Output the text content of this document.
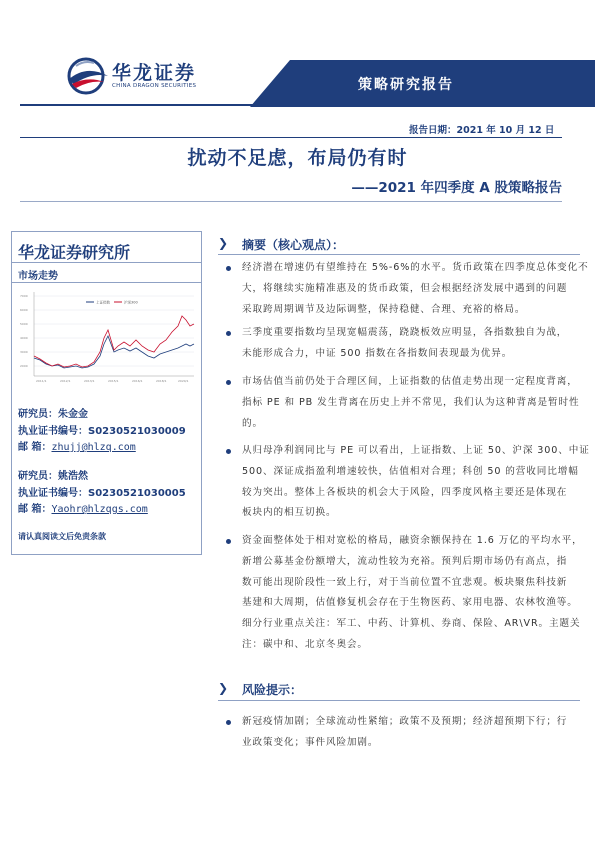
华龙证券
CHINA DRAGON SECURITIES	策略研究报告
报告日期：2021 年 10 月 12 日
扰动不足虑，布局仍有时
——2021 年四季度 A 股策略报告
华龙证券研究所
市场走势
7000
6000
5000
4000
3000
2000
2011/1	2012/1	2013/1	2015/1	2016/1	2018/1	2020/1
上证指数	沪深300
研究员：朱金金
执业证书编号：S0230521030009
邮 箱：zhujj@hlzq.com
研究员：姚浩然
执业证书编号：S0230521030005
邮 箱：Yaohr@hlzqgs.com
请认真阅读文后免责条款
❯ 摘要（核心观点）：
经济潜在增速仍有望维持在 5%-6%的水平。货币政策在四季度总体变化不
大，将继续实施精准惠及的货币政策，但会根据经济发展中遇到的问题
采取跨周期调节及边际调整，保持稳健、合理、充裕的格局。
三季度重要指数均呈现宽幅震荡，跷跷板效应明显，各指数独自为战，
未能形成合力，中证 500 指数在各指数间表现最为优异。
市场估值当前仍处于合理区间，上证指数的估值走势出现一定程度背离，
指标 PE 和 PB 发生背离在历史上并不常见，我们认为这种背离是暂时性
的。
从归母净利润同比与 PE 可以看出，上证指数、上证 50、沪深 300、中证
500、深证成指盈利增速较快，估值相对合理；科创 50 的营收同比增幅
较为突出。整体上各板块的机会大于风险，四季度风格主要还是体现在
板块内的相互切换。
资金面整体处于相对宽松的格局，融资余额保持在 1.6 万亿的平均水平，
新增公募基金份额增大，流动性较为充裕。预判后期市场仍有高点，指
数可能出现阶段性一致上行，对于当前位置不宜悲观。板块聚焦科技新
基建和大周期，估值修复机会存在于生物医药、家用电器、农林牧渔等。
细分行业重点关注：军工、中药、计算机、券商、保险、AR\VR。主题关
注：碳中和、北京冬奥会。
❯ 风险提示：
新冠疫情加剧；全球流动性紧缩；政策不及预期；经济超预期下行；行
业政策变化；事件风险加剧。
